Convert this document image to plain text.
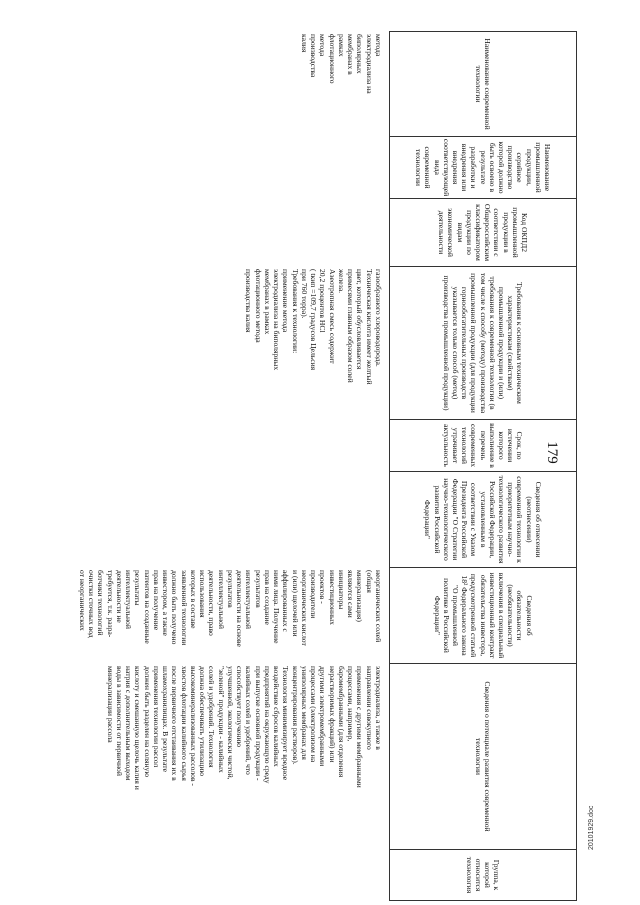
179
Наименование современной технологии
Наименование промышленной продукции, серийное производство которой должно быть освоено в результате разработки и внедрения или внедрения соответствующей вида современной технологии
Код ОКПД2 промышленной продукции в соответствии с Общероссийским классификатором продукции по видам экономической деятельности
Требования к основным техническим характеристикам (свойствам) промышленной продукции и (или) требования к современной технологии (в том числе к способу (методу) производства промышленной продукции (для продукции горнообогатительных производств указывается только способ (метод) производства промышленной продукции)
Срок, по истечении которого выполнение в перечень современных технологий утрачивает актуальность
Сведения об отнесении (неотнесении) современной технологии к приоритетным научно-технологического развития Российской Федерации, установленным в соответствии с Указом Президента Российской Федерации "О Стратегии научно-технологического развития Российской Федерации"
Сведения об обязательности (необязательности) включения в специальный инвестиционный контракт обязательства инвестора, предусмотренной статьей 18² Федерального закона "О промышленной политике в Российской Федерации"
Сведения о потенциале развития современной технологии
Группа, к которой относится технология
метода
электродиализа на
биполярных
мембранах в
рамках
флотационного
метода
производства
калия
газообразного хлороводорода.
Техническая кислота имеет желтый
цвет, который обусловливается
примесями главным образом солей
железа.
Азеотропная смесь содержит
20,2 процентов HCl
( tкип =109,7 градусов Цельсия
при 760 торра).
Требования к технологии:
применение метода
электродиализа на биполярных
мембранах в рамках
флотационного метода
производства калия
неорганических солей
(общая
минерализация)
являются сами
инициаторы
инвестиционных
проектов -
производители
неорганических кислот
и (или) щелочей или
аффилированных с
ними лица. Получение
прав на создание
результатов
интеллектуальной
деятельности на основе
результатов
интеллектуальной
деятельности, право
использования
которых в составе
заявленной технологии
должно быть получено
инвестором, а также
прав на получение
патентов на созданные
результаты
интеллектуальной
деятельности не
требуется, т.к. разра-
ботчики технологий
очистки сточных вод
от неорганических
электродиализа, а также в
направлении совокупного
применения с другими мембранными
процессами, например,
баромембранными (для отделения
нерастворимых фракций) или
другими электромембранными
процессами (электролизом на
униполярных мембранах для
концентрирования растворов).
Технология минимизирует вредное
воздействие сбросов калийных
предприятий на окружающую среду
при выпуске основной продукции -
калийных солей и удобрений, что
способствует получению
улучшенной, экологически чистой,
"зеленой" продукции - калийных
солей и удобрений. Технология
должна обеспечивать утилизацию
высокоминерализованных рассолов -
хвостов флотации калийного сырья
после первичного отстаивания их в
шламохранилищах. В результате
применения технологии рассол
должен быть разделен на соляную
кислоту и смешанную щелочь калия и
натрия с дополнительным выходом
воды в зависимости от первичной
минерализации рассола
20101929.doc
